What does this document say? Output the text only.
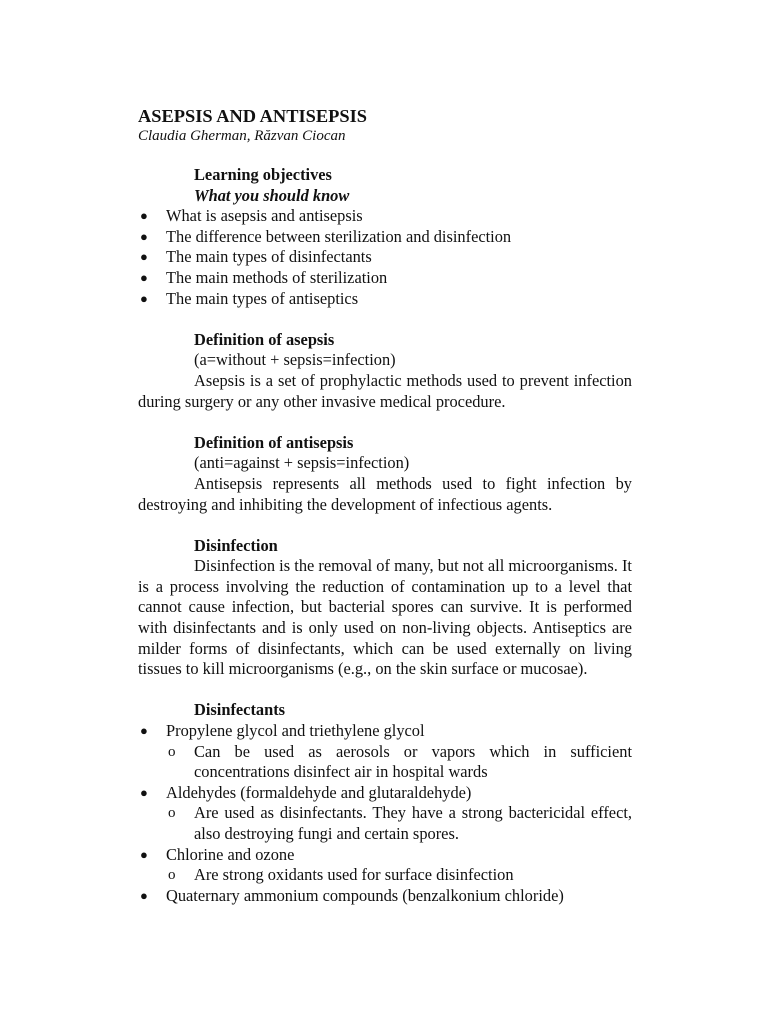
ASEPSIS AND ANTISEPSIS

Claudia Gherman, Răzvan Ciocan

Learning objectives

What you should know

●	What is asepsis and antisepsis
●	The difference between sterilization and disinfection
●	The main types of disinfectants
●	The main methods of sterilization
●	The main types of antiseptics

Definition of asepsis

(a=without + sepsis=infection)

Asepsis is a set of prophylactic methods used to prevent infection during surgery or any other invasive medical procedure.

Definition of antisepsis

(anti=against + sepsis=infection)

Antisepsis represents all methods used to fight infection by destroying and inhibiting the development of infectious agents.

Disinfection

Disinfection is the removal of many, but not all microorganisms. It is a process involving the reduction of contamination up to a level that cannot cause infection, but bacterial spores can survive. It is performed with disinfectants and is only used on non-living objects. Antiseptics are milder forms of disinfectants, which can be used externally on living tissues to kill microorganisms (e.g., on the skin surface or mucosae).

Disinfectants

●	Propylene glycol and triethylene glycol
o Can be used as aerosols or vapors which in sufficient concentrations disinfect air in hospital wards
●	Aldehydes (formaldehyde and glutaraldehyde)
o Are used as disinfectants. They have a strong bactericidal effect, also destroying fungi and certain spores.
●	Chlorine and ozone
o Are strong oxidants used for surface disinfection
●	Quaternary ammonium compounds (benzalkonium chloride)
